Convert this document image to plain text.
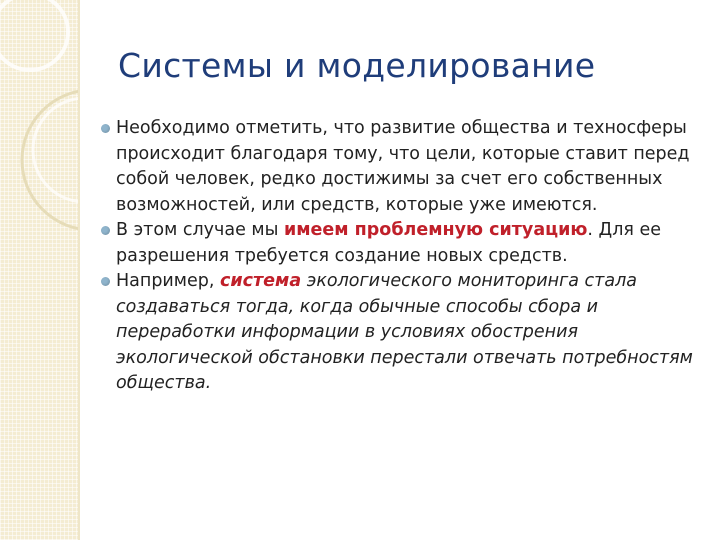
Системы и моделирование
Необходимо отметить, что развитие общества и техносферы происходит благодаря тому, что цели, которые ставит перед собой человек, редко достижимы за счет его собственных возможностей, или средств, которые уже имеются.
В этом случае мы имеем проблемную ситуацию. Для ее разрешения требуется создание новых средств.
Например, система экологического мониторинга стала создаваться тогда, когда обычные способы сбора и переработки информации в условиях обострения экологической обстановки перестали отвечать потребностям общества.
